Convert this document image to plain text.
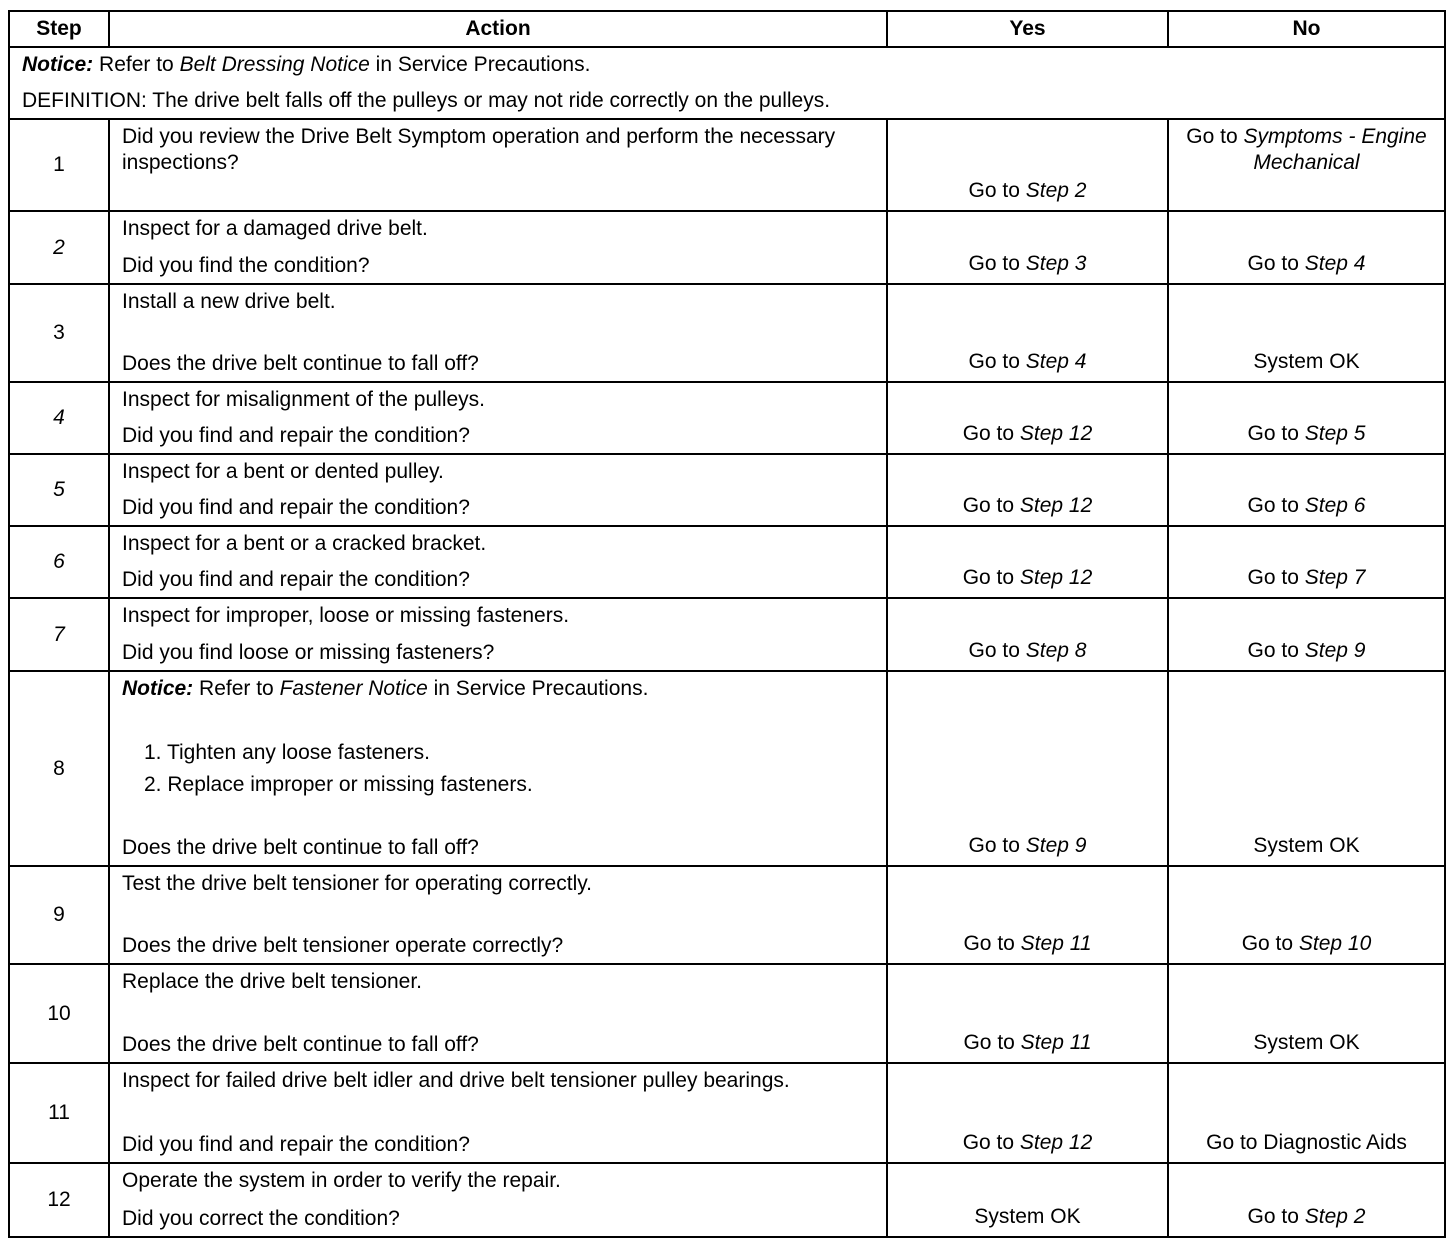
Step	Action	Yes	No

Notice: Refer to Belt Dressing Notice in Service Precautions.

DEFINITION: The drive belt falls off the pulleys or may not ride correctly on the pulleys.			

1	Did you review the Drive Belt Symptom operation and perform the necessary inspections?	Go to Step 2	Go to Symptoms - Engine Mechanical
2	Inspect for a damaged drive belt.

Did you find the condition?	Go to Step 3	Go to Step 4
3	Install a new drive belt.

Does the drive belt continue to fall off?	Go to Step 4	System OK
4	Inspect for misalignment of the pulleys.

Did you find and repair the condition?	Go to Step 12	Go to Step 5
5	Inspect for a bent or dented pulley.

Did you find and repair the condition?	Go to Step 12	Go to Step 6
6	Inspect for a bent or a cracked bracket.

Did you find and repair the condition?	Go to Step 12	Go to Step 7
7	Inspect for improper, loose or missing fasteners.

Did you find loose or missing fasteners?	Go to Step 8	Go to Step 9
8	Notice: Refer to Fastener Notice in Service Precautions.

1. Tighten any loose fasteners.
2. Replace improper or missing fasteners.

Does the drive belt continue to fall off?	Go to Step 9	System OK
9	Test the drive belt tensioner for operating correctly.

Does the drive belt tensioner operate correctly?	Go to Step 11	Go to Step 10
10	Replace the drive belt tensioner.

Does the drive belt continue to fall off?	Go to Step 11	System OK
11	Inspect for failed drive belt idler and drive belt tensioner pulley bearings.

Did you find and repair the condition?	Go to Step 12	Go to Diagnostic Aids
12	Operate the system in order to verify the repair.

Did you correct the condition?	System OK	Go to Step 2
